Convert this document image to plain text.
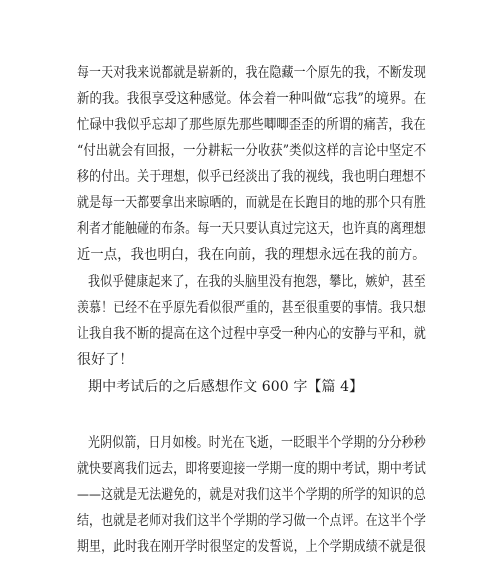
每一天对我来说都就是崭新的，我在隐藏一个原先的我，不断发现
新的我。我很享受这种感觉。体会着一种叫做“忘我”的境界。在
忙碌中我似乎忘却了那些原先那些唧唧歪歪的所谓的痛苦，我在
“付出就会有回报，一分耕耘一分收获”类似这样的言论中坚定不
移的付出。关于理想，似乎已经淡出了我的视线，我也明白理想不
就是每一天都要拿出来晾晒的，而就是在长跑目的地的那个只有胜
利者才能触碰的布条。每一天只要认真过完这天，也许真的离理想
近一点，我也明白，我在向前，我的理想永远在我的前方。
我似乎健康起来了，在我的头脑里没有抱怨，攀比，嫉妒，甚至
羡慕！已经不在乎原先看似很严重的，甚至很重要的事情。我只想
让我自我不断的提高在这个过程中享受一种内心的安静与平和，就
很好了！
期中考试后的之后感想作文 600 字【篇 4】
光阴似箭，日月如梭。时光在飞逝，一眨眼半个学期的分分秒秒
就快要离我们远去，即将要迎接一学期一度的期中考试，期中考试
——这就是无法避免的，就是对我们这半个学期的所学的知识的总
结，也就是老师对我们这半个学期的学习做一个点评。在这半个学
期里，此时我在刚开学时很坚定的发誓说，上个学期成绩不就是很
